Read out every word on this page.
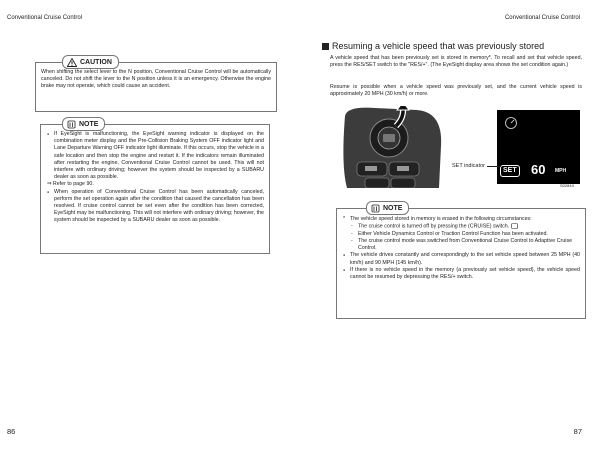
Conventional Cruise Control	Conventional Cruise Control
When shifting the select lever to the N position, Conventional Cruise Control will be automatically canceled. Do not shift the lever to the N position unless it is an emergency. Otherwise the engine brake may not operate, which could cause an accident.
CAUTION
● If EyeSight is malfunctioning, the EyeSight warning indicator is displayed on the combination meter display and the Pre-Collision Braking System OFF indicator light and Lane Departure Warning OFF indicator light illuminate. If this occurs, stop the vehicle in a safe location and then stop the engine and restart it. If the indicators remain illuminated after restarting the engine, Conventional Cruise Control cannot be used. This will not interfere with ordinary driving; however the system should be inspected by a SUBARU dealer as soon as possible.
⇒ Refer to page 90.
● When operation of Conventional Cruise Control has been automatically canceled, perform the set operation again after the condition that caused the cancellation has been resolved. If cruise control cannot be set even after the condition has been corrected, EyeSight may be malfunctioning. This will not interfere with ordinary driving; however, the system should be inspected by a SUBARU dealer as soon as possible.
NOTE
Resuming a vehicle speed that was previously stored
A vehicle speed that has been previously set is stored in memory*. To recall and set that vehicle speed, press the RES/SET switch to the "RES/+". (The EyeSight display area shows the set condition again.)
Resume is possible when a vehicle speed was previously set, and the current vehicle speed is approximately 20 MPH (30 km/h) or more.
S02846
SET 60 MPH
SET indicator
S02844
* The vehicle speed stored in memory is erased in the following circumstances:
- The cruise control is turned off by pressing the (CRUISE) switch.
- Either Vehicle Dynamics Control or Traction Control Function has been activated.
- The cruise control mode was switched from Conventional Cruise Control to Adaptive Cruise Control.
● The vehicle drives constantly and correspondingly to the set vehicle speed between 25 MPH (40 km/h) and 90 MPH (145 km/h).
● If there is no vehicle speed in the memory (a previously set vehicle speed), the vehicle speed cannot be resumed by depressing the RES/+ switch.
NOTE
86	87
